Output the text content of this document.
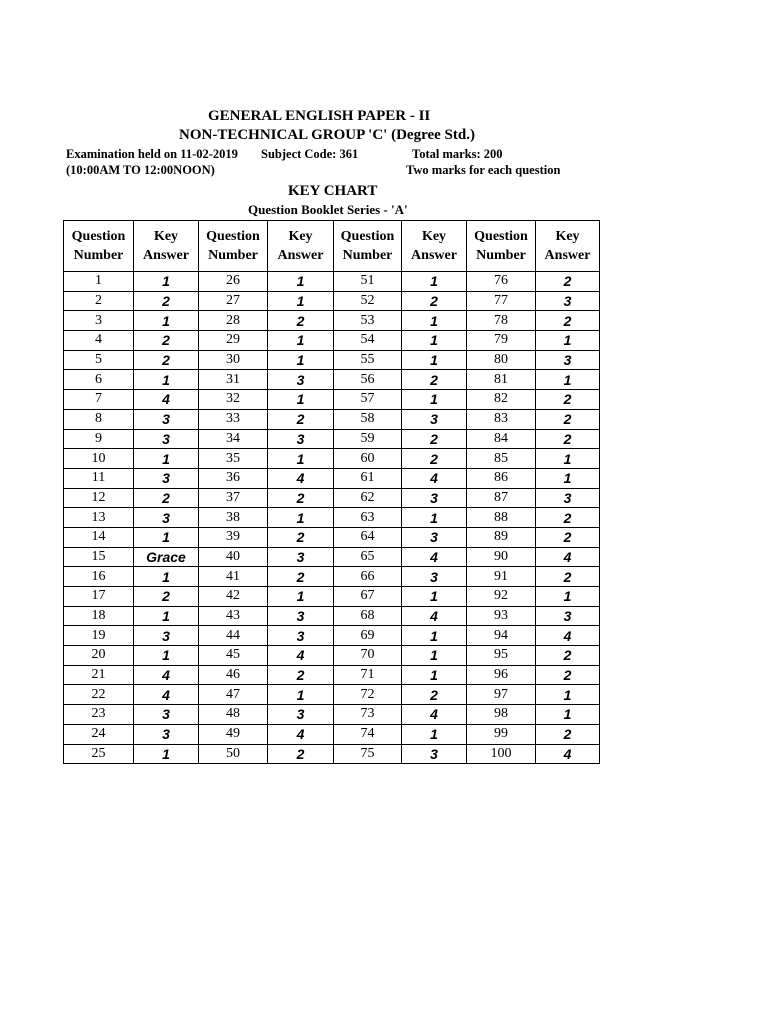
GENERAL ENGLISH PAPER - II
NON-TECHNICAL GROUP 'C' (Degree Std.)
Examination held on 11-02-2019 Subject Code: 361	Total marks: 200
(10:00AM TO 12:00NOON)	Two marks for each question
KEY CHART
Question Booklet Series - 'A'
Question
Number	Key
Answer	Question
Number	Key
Answer	Question
Number	Key
Answer	Question
Number	Key
Answer
1	1	26	1	51	1	76	2
2	2	27	1	52	2	77	3
3	1	28	2	53	1	78	2
4	2	29	1	54	1	79	1
5	2	30	1	55	1	80	3
6	1	31	3	56	2	81	1
7	4	32	1	57	1	82	2
8	3	33	2	58	3	83	2
9	3	34	3	59	2	84	2
10	1	35	1	60	2	85	1
11	3	36	4	61	4	86	1
12	2	37	2	62	3	87	3
13	3	38	1	63	1	88	2
14	1	39	2	64	3	89	2
15	Grace	40	3	65	4	90	4
16	1	41	2	66	3	91	2
17	2	42	1	67	1	92	1
18	1	43	3	68	4	93	3
19	3	44	3	69	1	94	4
20	1	45	4	70	1	95	2
21	4	46	2	71	1	96	2
22	4	47	1	72	2	97	1
23	3	48	3	73	4	98	1
24	3	49	4	74	1	99	2
25	1	50	2	75	3	100	4
